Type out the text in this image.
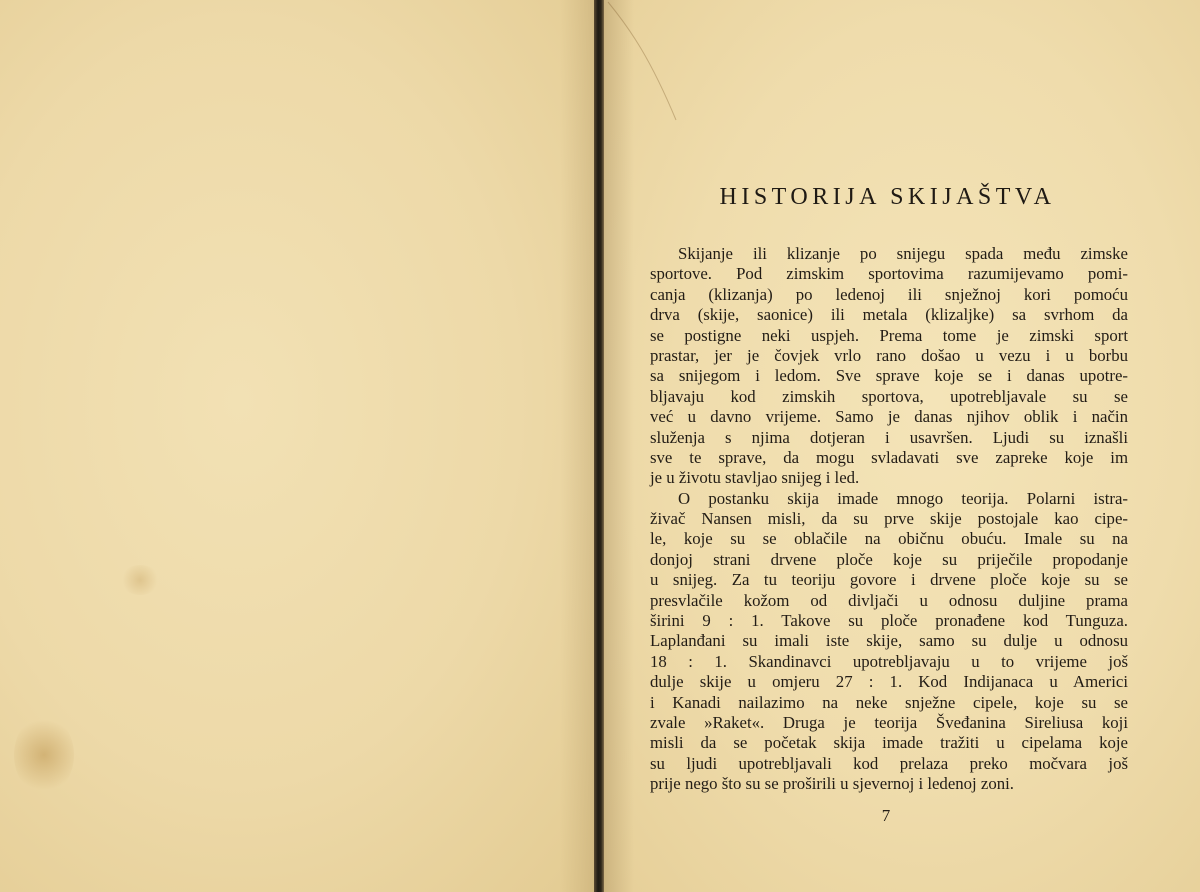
HISTORIJA SKIJAŠTVA
Skijanje ili klizanje po snijegu spada među zimske
sportove. Pod zimskim sportovima razumijevamo pomi-
canja (klizanja) po ledenoj ili snježnoj kori pomoću
drva (skije, saonice) ili metala (klizaljke) sa svrhom da
se postigne neki uspjeh. Prema tome je zimski sport
prastar, jer je čovjek vrlo rano došao u vezu i u borbu
sa snijegom i ledom. Sve sprave koje se i danas upotre-
bljavaju kod zimskih sportova, upotrebljavale su se
već u davno vrijeme. Samo je danas njihov oblik i način
služenja s njima dotjeran i usavršen. Ljudi su iznašli
sve te sprave, da mogu svladavati sve zapreke koje im
je u životu stavljao snijeg i led.
O postanku skija imade mnogo teorija. Polarni istra-
živač Nansen misli, da su prve skije postojale kao cipe-
le, koje su se oblačile na običnu obuću. Imale su na
donjoj strani drvene ploče koje su priječile propodanje
u snijeg. Za tu teoriju govore i drvene ploče koje su se
presvlačile kožom od divljači u odnosu duljine prama
širini 9 : 1. Takove su ploče pronađene kod Tunguza.
Laplanđani su imali iste skije, samo su dulje u odnosu
18 : 1. Skandinavci upotrebljavaju u to vrijeme još
dulje skije u omjeru 27 : 1. Kod Indijanaca u Americi
i Kanadi nailazimo na neke snježne cipele, koje su se
zvale »Raket«. Druga je teorija Šveđanina Sireliusa koji
misli da se početak skija imade tražiti u cipelama koje
su ljudi upotrebljavali kod prelaza preko močvara još
prije nego što su se proširili u sjevernoj i ledenoj zoni.
7
